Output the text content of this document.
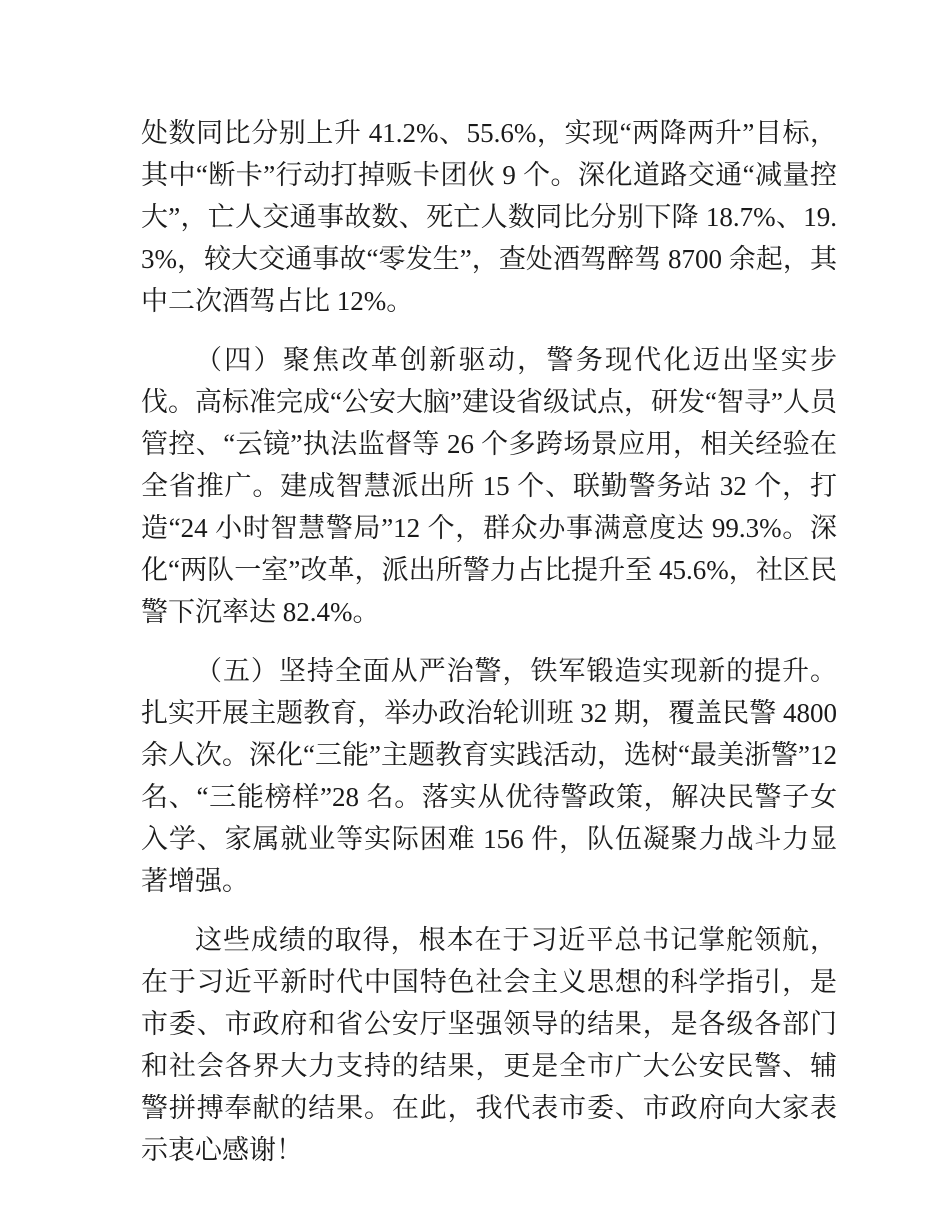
处数同比分别上升 41.2%、55.6%，实现“两降两升”目标，其中“断卡”行动打掉贩卡团伙 9 个。深化道路交通“减量控大”，亡人交通事故数、死亡人数同比分别下降 18.7%、19.3%，较大交通事故“零发生”，查处酒驾醉驾 8700 余起，其中二次酒驾占比 12%。

（四）聚焦改革创新驱动，警务现代化迈出坚实步伐。高标准完成“公安大脑”建设省级试点，研发“智寻”人员管控、“云镜”执法监督等 26 个多跨场景应用，相关经验在全省推广。建成智慧派出所 15 个、联勤警务站 32 个，打造“24 小时智慧警局”12 个，群众办事满意度达 99.3%。深化“两队一室”改革，派出所警力占比提升至 45.6%，社区民警下沉率达 82.4%。

（五）坚持全面从严治警，铁军锻造实现新的提升。扎实开展主题教育，举办政治轮训班 32 期，覆盖民警 4800 余人次。深化“三能”主题教育实践活动，选树“最美浙警”12 名、“三能榜样”28 名。落实从优待警政策，解决民警子女入学、家属就业等实际困难 156 件，队伍凝聚力战斗力显著增强。

这些成绩的取得，根本在于习近平总书记掌舵领航，在于习近平新时代中国特色社会主义思想的科学指引，是市委、市政府和省公安厅坚强领导的结果，是各级各部门和社会各界大力支持的结果，更是全市广大公安民警、辅警拼搏奉献的结果。在此，我代表市委、市政府向大家表示衷心感谢！
